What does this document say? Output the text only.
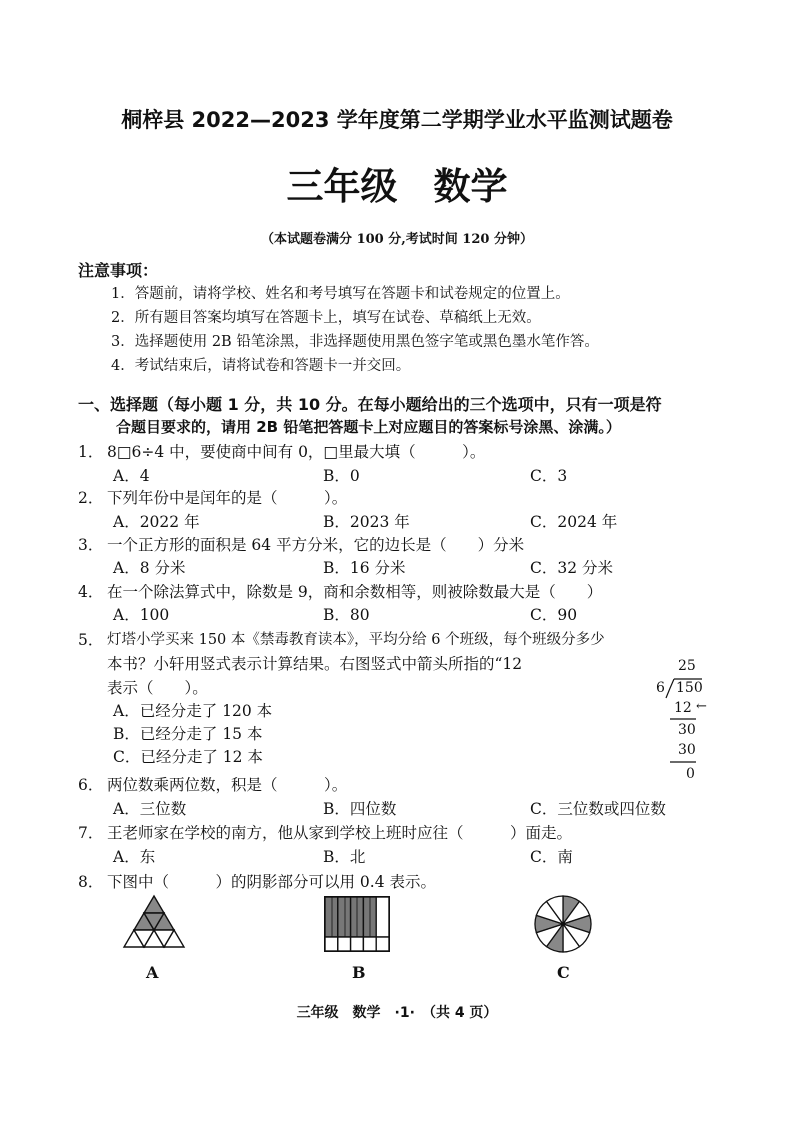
桐梓县 2022—2023 学年度第二学期学业水平监测试题卷
三年级 数学
（本试题卷满分 100 分,考试时间 120 分钟）
注意事项：
1．答题前，请将学校、姓名和考号填写在答题卡和试卷规定的位置上。
2．所有题目答案均填写在答题卡上，填写在试卷、草稿纸上无效。
3．选择题使用 2B 铅笔涂黑，非选择题使用黑色签字笔或黑色墨水笔作答。
4．考试结束后，请将试卷和答题卡一并交回。
一、选择题（每小题 1 分，共 10 分。在每小题给出的三个选项中，只有一项是符
合题目要求的，请用 2B 铅笔把答题卡上对应题目的答案标号涂黑、涂满。）
1． 8□6÷4 中，要使商中间有 0，□里最大填（　　　）。
A．4	B．0	C．3
2． 下列年份中是闰年的是（　　　）。
A．2022 年	B．2023 年	C．2024 年
3． 一个正方形的面积是 64 平方分米，它的边长是（　　）分米
A．8 分米	B．16 分米	C．32 分米
4． 在一个除法算式中，除数是 9，商和余数相等，则被除数最大是（　　）
A．100	B．80	C．90
5． 灯塔小学买来 150 本《禁毒教育读本》，平均分给 6 个班级，每个班级分多少
本书？小轩用竖式表示计算结果。右图竖式中箭头所指的“12
表示（　　）。
A．已经分走了 120 本
B．已经分走了 15 本
C．已经分走了 12 本
25
6 150
12 ←
30
30
0
6． 两位数乘两位数，积是（　　　）。
A．三位数	B．四位数	C．三位数或四位数
7． 王老师家在学校的南方，他从家到学校上班时应往（　　　）面走。
A．东	B．北	C．南
8． 下图中（　　　）的阴影部分可以用 0.4 表示。
A	B	C
三年级　数学　·1·　（共 4 页）
